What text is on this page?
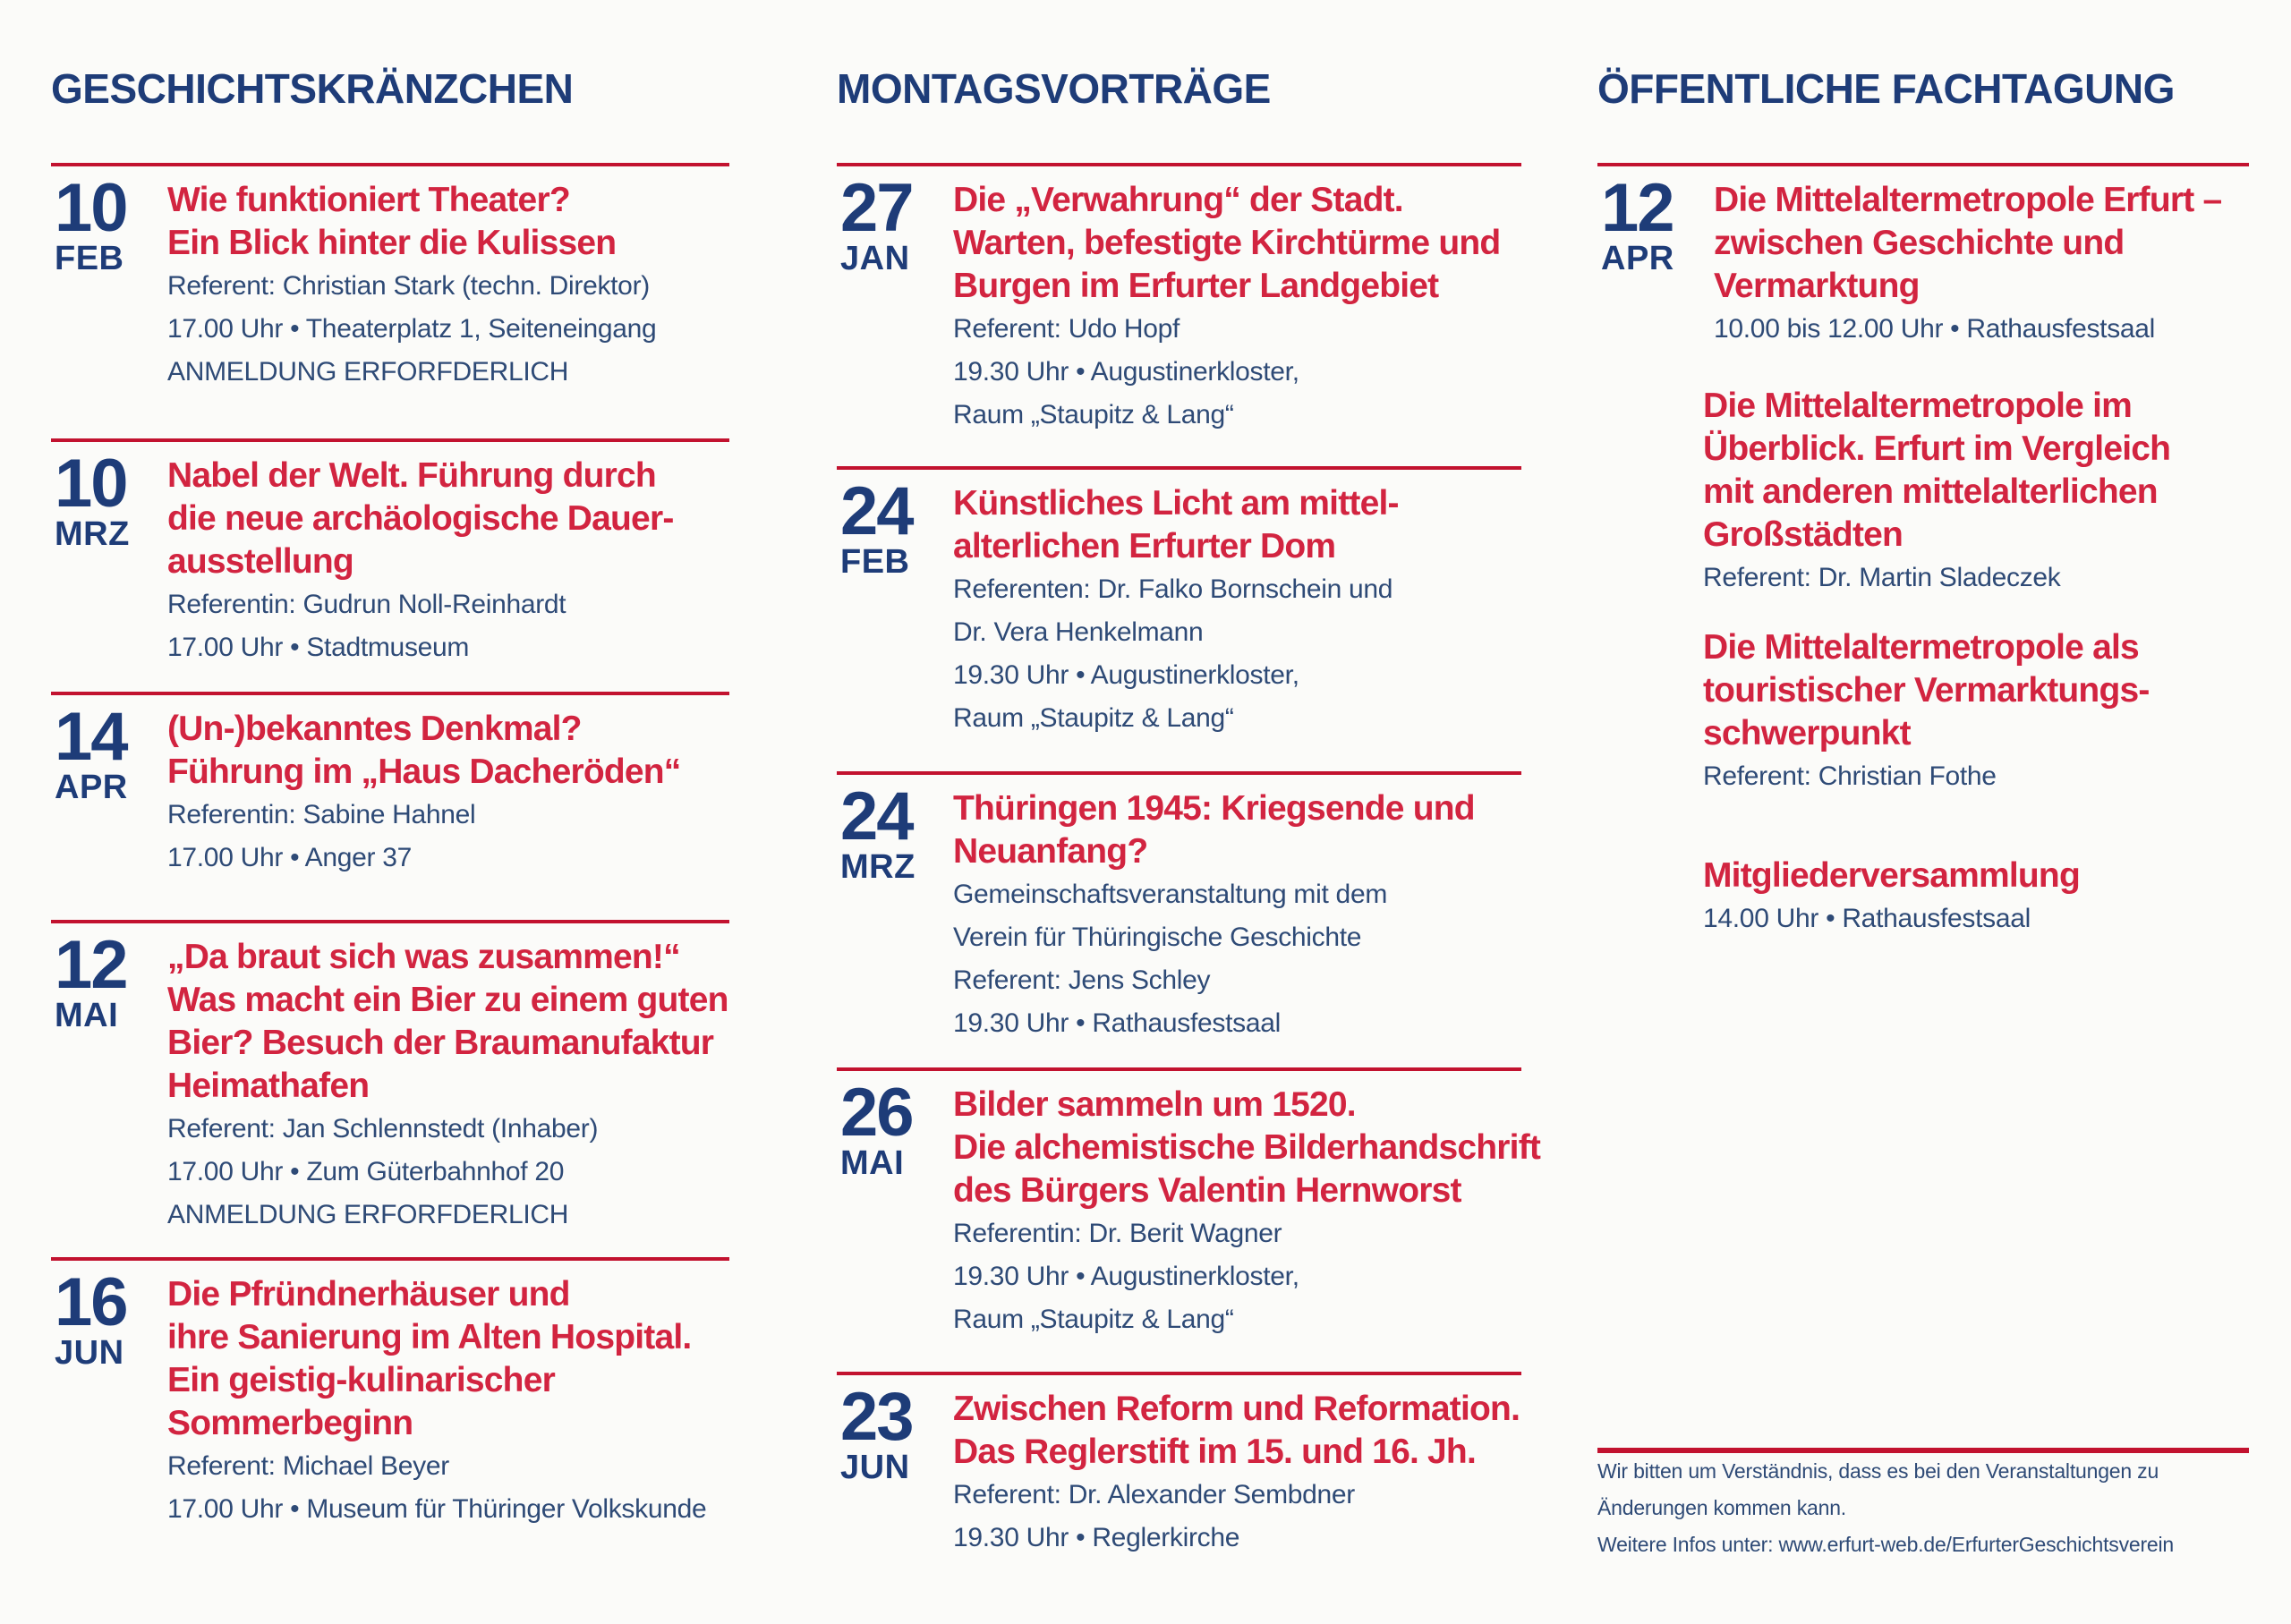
GESCHICHTSKRÄNZCHEN
10
FEB
Wie funktioniert Theater?
Ein Blick hinter die Kulissen
Referent: Christian Stark (techn. Direktor)
17.00 Uhr • Theaterplatz 1, Seiteneingang
ANMELDUNG ERFORFDERLICH
10
MRZ
Nabel der Welt. Führung durch
die neue archäologische Dauer-
ausstellung
Referentin: Gudrun Noll-Reinhardt
17.00 Uhr • Stadtmuseum
14
APR
(Un-)bekanntes Denkmal?
Führung im „Haus Dacheröden“
Referentin: Sabine Hahnel
17.00 Uhr • Anger 37
12
MAI
„Da braut sich was zusammen!“
Was macht ein Bier zu einem guten
Bier? Besuch der Braumanufaktur
Heimathafen
Referent: Jan Schlennstedt (Inhaber)
17.00 Uhr • Zum Güterbahnhof 20
ANMELDUNG ERFORFDERLICH
16
JUN
Die Pfründnerhäuser und
ihre Sanierung im Alten Hospital.
Ein geistig-kulinarischer
Sommerbeginn
Referent: Michael Beyer
17.00 Uhr • Museum für Thüringer Volkskunde
MONTAGSVORTRÄGE
27
JAN
Die „Verwahrung“ der Stadt.
Warten, befestigte Kirchtürme und
Burgen im Erfurter Landgebiet
Referent: Udo Hopf
19.30 Uhr • Augustinerkloster,
Raum „Staupitz & Lang“
24
FEB
Künstliches Licht am mittel-
alterlichen Erfurter Dom
Referenten: Dr. Falko Bornschein und
Dr. Vera Henkelmann
19.30 Uhr • Augustinerkloster,
Raum „Staupitz & Lang“
24
MRZ
Thüringen 1945: Kriegsende und
Neuanfang?
Gemeinschaftsveranstaltung mit dem
Verein für Thüringische Geschichte
Referent: Jens Schley
19.30 Uhr • Rathausfestsaal
26
MAI
Bilder sammeln um 1520.
Die alchemistische Bilderhandschrift
des Bürgers Valentin Hernworst
Referentin: Dr. Berit Wagner
19.30 Uhr • Augustinerkloster,
Raum „Staupitz & Lang“
23
JUN
Zwischen Reform und Reformation.
Das Reglerstift im 15. und 16. Jh.
Referent: Dr. Alexander Sembdner
19.30 Uhr • Reglerkirche
ÖFFENTLICHE FACHTAGUNG
12
APR
Die Mittelaltermetropole Erfurt –
zwischen Geschichte und
Vermarktung
10.00 bis 12.00 Uhr • Rathausfestsaal
Die Mittelaltermetropole im
Überblick. Erfurt im Vergleich
mit anderen mittelalterlichen
Großstädten
Referent: Dr. Martin Sladeczek
Die Mittelaltermetropole als
touristischer Vermarktungs-
schwerpunkt
Referent: Christian Fothe
Mitgliederversammlung
14.00 Uhr • Rathausfestsaal
Wir bitten um Verständnis, dass es bei den Veranstaltungen zu
Änderungen kommen kann.
Weitere Infos unter: www.erfurt-web.de/ErfurterGeschichtsverein
